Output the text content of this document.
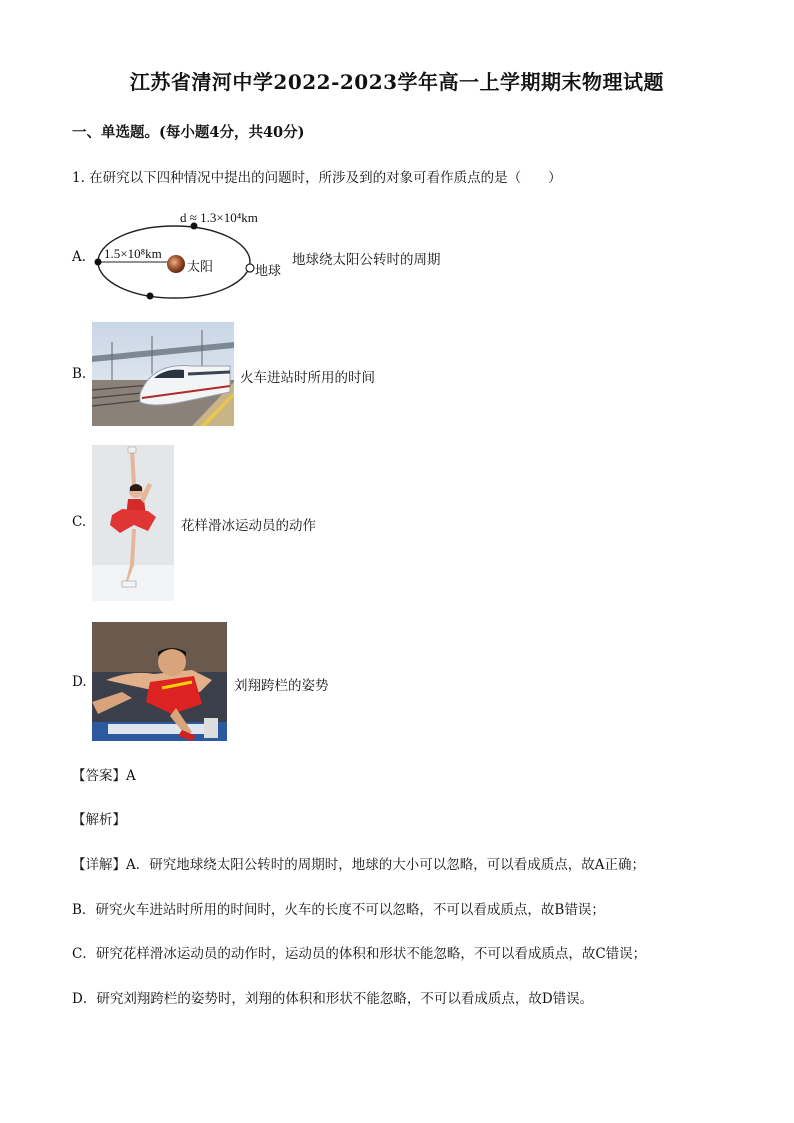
江苏省清河中学2022-2023学年高一上学期期末物理试题
一、单选题。(每小题4分，共40分)
1. 在研究以下四种情况中提出的问题时，所涉及到的对象可看作质点的是（　　）
A.
d ≈ 1.3×10⁴km
1.5×10⁸km
太阳	地球
地球绕太阳公转时的周期
B.	火车进站时所用的时间
C.	花样滑冰运动员的动作
D.	刘翔跨栏的姿势
【答案】A
【解析】
【详解】A．研究地球绕太阳公转时的周期时，地球的大小可以忽略，可以看成质点，故A正确；
B．研究火车进站时所用的时间时，火车的长度不可以忽略，不可以看成质点，故B错误；
C．研究花样滑冰运动员的动作时，运动员的体积和形状不能忽略，不可以看成质点，故C错误；
D．研究刘翔跨栏的姿势时，刘翔的体积和形状不能忽略，不可以看成质点，故D错误。
